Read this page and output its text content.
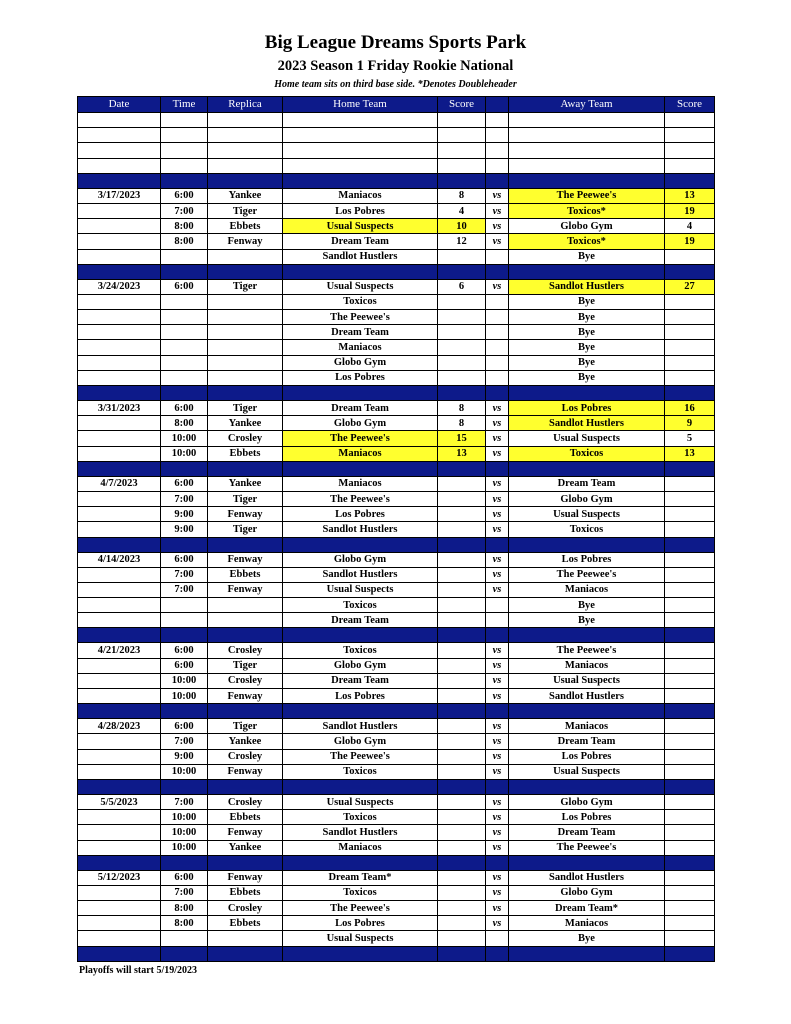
Big League Dreams Sports Park
2023 Season 1 Friday Rookie National
Home team sits on third base side. *Denotes Doubleheader
Date	Time	Replica	Home Team	Score		Away Team	Score

3/17/2023	6:00	Yankee	Maniacos	8	vs	The Peewee's	13
	7:00	Tiger	Los Pobres	4	vs	Toxicos*	19
	8:00	Ebbets	Usual Suspects	10	vs	Globo Gym	4
	8:00	Fenway	Dream Team	12	vs	Toxicos*	19
			Sandlot Hustlers			Bye	

3/24/2023	6:00	Tiger	Usual Suspects	6	vs	Sandlot Hustlers	27
			Toxicos			Bye	
			The Peewee's			Bye	
			Dream Team			Bye	
			Maniacos			Bye	
			Globo Gym			Bye	
			Los Pobres			Bye	

3/31/2023	6:00	Tiger	Dream Team	8	vs	Los Pobres	16
	8:00	Yankee	Globo Gym	8	vs	Sandlot Hustlers	9
	10:00	Crosley	The Peewee's	15	vs	Usual Suspects	5
	10:00	Ebbets	Maniacos	13	vs	Toxicos	13

4/7/2023	6:00	Yankee	Maniacos		vs	Dream Team	
	7:00	Tiger	The Peewee's		vs	Globo Gym	
	9:00	Fenway	Los Pobres		vs	Usual Suspects	
	9:00	Tiger	Sandlot Hustlers		vs	Toxicos	

4/14/2023	6:00	Fenway	Globo Gym		vs	Los Pobres	
	7:00	Ebbets	Sandlot Hustlers		vs	The Peewee's	
	7:00	Fenway	Usual Suspects		vs	Maniacos	
			Toxicos			Bye	
			Dream Team			Bye	

4/21/2023	6:00	Crosley	Toxicos		vs	The Peewee's	
	6:00	Tiger	Globo Gym		vs	Maniacos	
	10:00	Crosley	Dream Team		vs	Usual Suspects	
	10:00	Fenway	Los Pobres		vs	Sandlot Hustlers	

4/28/2023	6:00	Tiger	Sandlot Hustlers		vs	Maniacos	
	7:00	Yankee	Globo Gym		vs	Dream Team	
	9:00	Crosley	The Peewee's		vs	Los Pobres	
	10:00	Fenway	Toxicos		vs	Usual Suspects	

5/5/2023	7:00	Crosley	Usual Suspects		vs	Globo Gym	
	10:00	Ebbets	Toxicos		vs	Los Pobres	
	10:00	Fenway	Sandlot Hustlers		vs	Dream Team	
	10:00	Yankee	Maniacos		vs	The Peewee's	

5/12/2023	6:00	Fenway	Dream Team*		vs	Sandlot Hustlers	
	7:00	Ebbets	Toxicos		vs	Globo Gym	
	8:00	Crosley	The Peewee's		vs	Dream Team*	
	8:00	Ebbets	Los Pobres		vs	Maniacos	
			Usual Suspects			Bye	

Playoffs will start 5/19/2023
